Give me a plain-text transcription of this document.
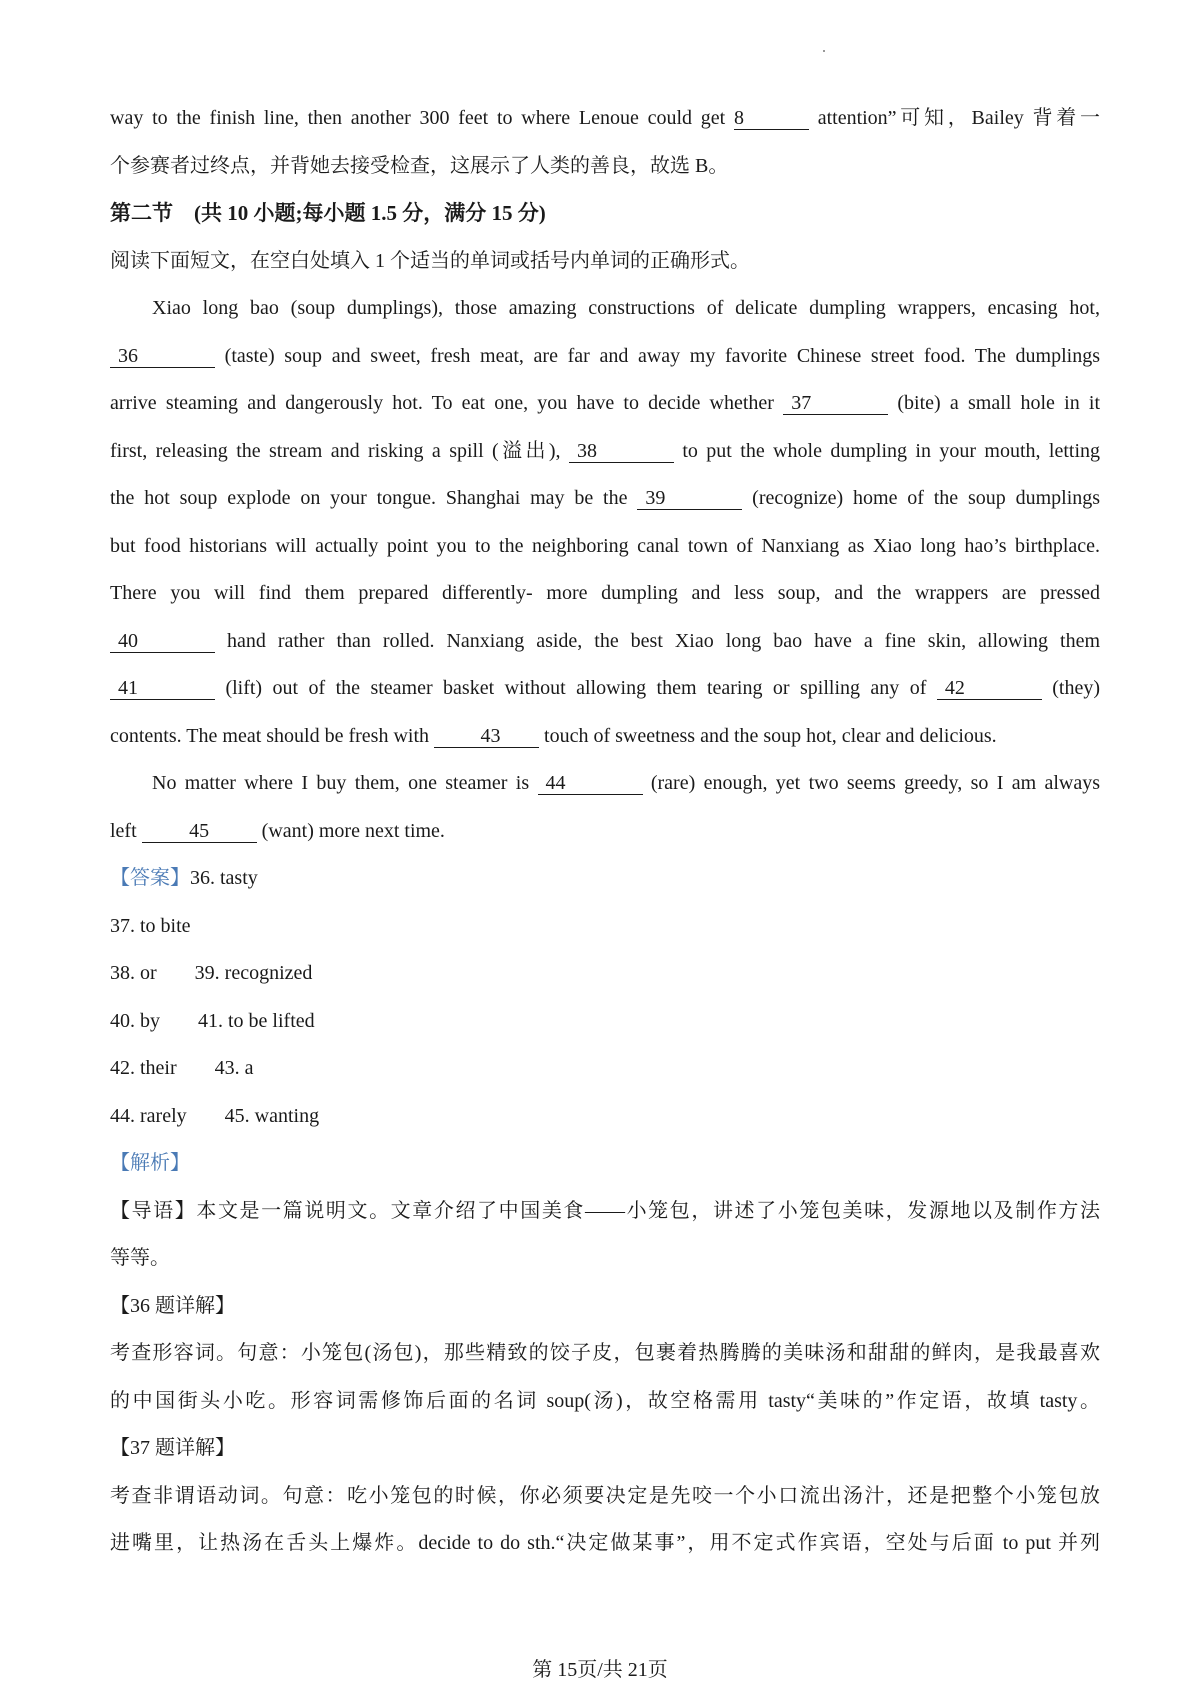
way to the finish line, then another 300 feet to where Lenoue could get 8	attention”可知，Bailey 背着一
个参赛者过终点，并背她去接受检查，这展示了人类的善良，故选 B。
第二节    (共 10 小题;每小题 1.5 分，满分 15 分)
阅读下面短文，在空白处填入 1 个适当的单词或括号内单词的正确形式。
Xiao long bao (soup dumplings), those amazing constructions of delicate dumpling wrappers, encasing hot,
36	(taste) soup and sweet, fresh meat, are far and away my favorite Chinese street food. The dumplings
arrive steaming and dangerously hot. To eat one, you have to decide whether 37	(bite) a small hole in it
first, releasing the stream and risking a spill (溢出), 38	to put the whole dumpling in your mouth, letting
the hot soup explode on your tongue. Shanghai may be the 39	(recognize) home of the soup dumplings
but food historians will actually point you to the neighboring canal town of Nanxiang as Xiao long hao’s birthplace.
There you will find them prepared differently- more dumpling and less soup, and the wrappers are pressed
40	hand rather than rolled. Nanxiang aside, the best Xiao long bao have a fine skin, allowing them
41	(lift) out of the steamer basket without allowing them tearing or spilling any of 42	(they)
contents. The meat should be fresh with	43 touch of sweetness and the soup hot, clear and delicious.
No matter where I buy them, one steamer is 44	(rare) enough, yet two seems greedy, so I am always
left	45	(want) more next time.
【答案】36. tasty
37. to bite
38. or 39. recognized
40. by 41. to be lifted
42. their 43. a
44. rarely 45. wanting
【解析】
【导语】本文是一篇说明文。文章介绍了中国美食——小笼包，讲述了小笼包美味，发源地以及制作方法
等等。
【36 题详解】
考查形容词。句意：小笼包(汤包)，那些精致的饺子皮，包裹着热腾腾的美味汤和甜甜的鲜肉，是我最喜欢
的中国街头小吃。形容词需修饰后面的名词 soup(汤)，故空格需用 tasty“美味的”作定语，故填 tasty。
【37 题详解】
考查非谓语动词。句意：吃小笼包的时候，你必须要决定是先咬一个小口流出汤汁，还是把整个小笼包放
进嘴里，让热汤在舌头上爆炸。decide to do sth.“决定做某事”，用不定式作宾语，空处与后面 to put 并列
第 15页/共 21页
